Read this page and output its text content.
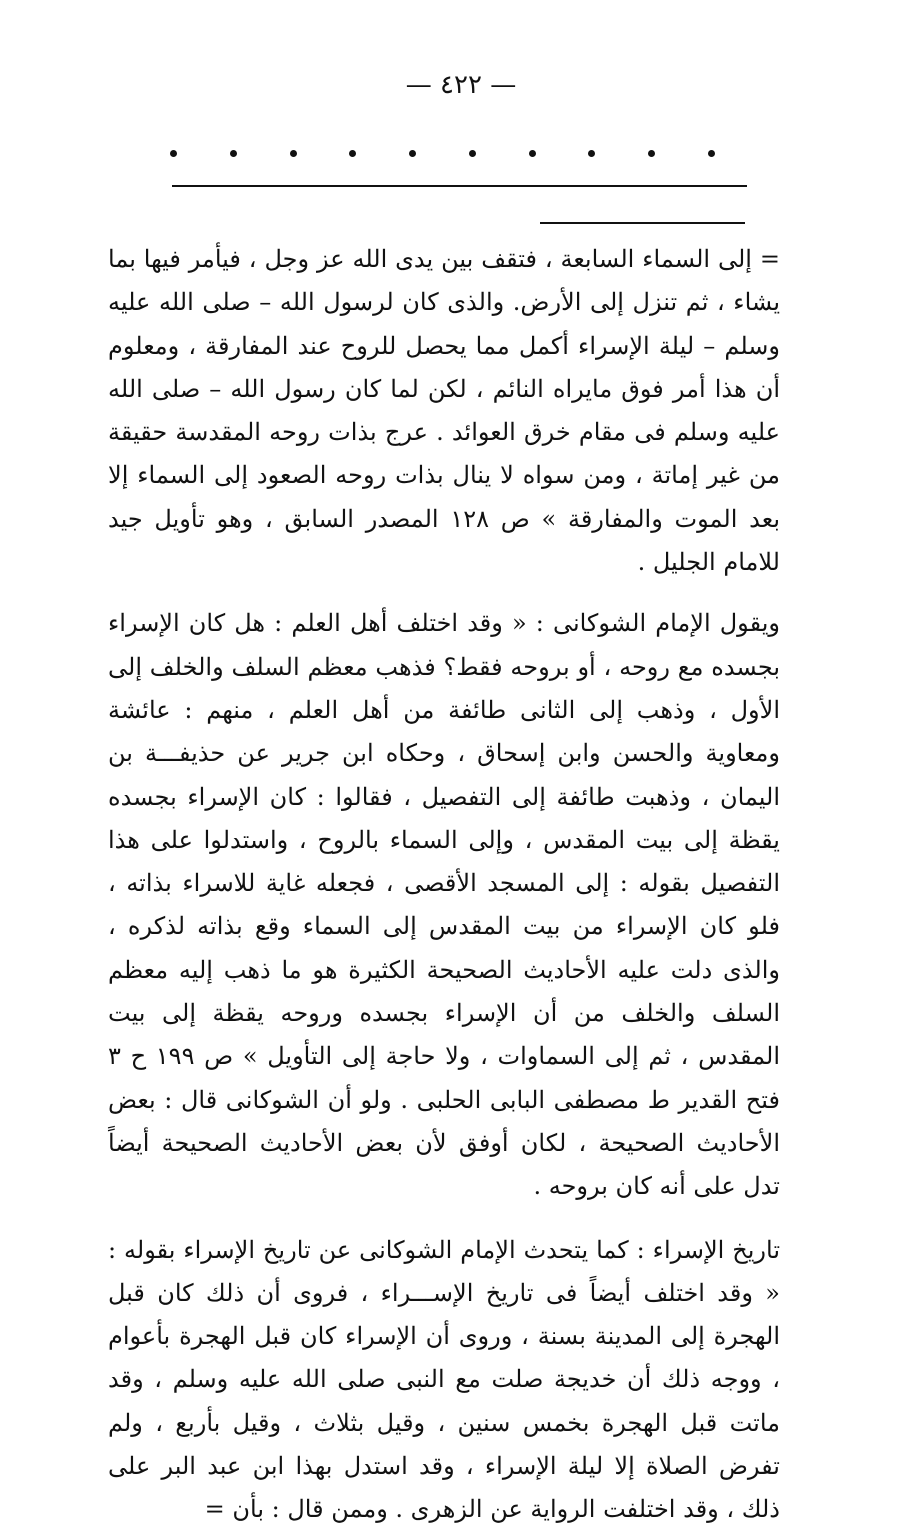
— ٤٢٢ —

= إلى السماء السابعة ، فتقف بين يدى الله عز وجل ، فيأمر فيها بما يشاء ، ثم تنزل إلى الأرض. والذى كان لرسول الله – صلى الله عليه وسلم – ليلة الإسراء أكمل مما يحصل للروح عند المفارقة ، ومعلوم أن هذا أمر فوق مايراه النائم ، لكن لما كان رسول الله – صلى الله عليه وسلم فى مقام خرق العوائد . عرج بذات روحه المقدسة حقيقة من غير إماتة ، ومن سواه لا ينال بذات روحه الصعود إلى السماء إلا بعد الموت والمفارقة » ص ١٢٨ المصدر السابق ، وهو تأويل جيد للامام الجليل .

ويقول الإمام الشوكانى : « وقد اختلف أهل العلم : هل كان الإسراء بجسده مع روحه ، أو بروحه فقط؟ فذهب معظم السلف والخلف إلى الأول ، وذهب إلى الثانى طائفة من أهل العلم ، منهم : عائشة ومعاوية والحسن وابن إسحاق ، وحكاه ابن جرير عن حذيفـــة بن اليمان ، وذهبت طائفة إلى التفصيل ، فقالوا : كان الإسراء بجسده يقظة إلى بيت المقدس ، وإلى السماء بالروح ، واستدلوا على هذا التفصيل بقوله : إلى المسجد الأقصى ، فجعله غاية للاسراء بذاته ، فلو كان الإسراء من بيت المقدس إلى السماء وقع بذاته لذكره ، والذى دلت عليه الأحاديث الصحيحة الكثيرة هو ما ذهب إليه معظم السلف والخلف من أن الإسراء بجسده وروحه يقظة إلى بيت المقدس ، ثم إلى السماوات ، ولا حاجة إلى التأويل » ص ١٩٩ ح ٣ فتح القدير ط مصطفى البابى الحلبى . ولو أن الشوكانى قال : بعض الأحاديث الصحيحة ، لكان أوفق لأن بعض الأحاديث الصحيحة أيضاً تدل على أنه كان بروحه .

تاريخ الإسراء : كما يتحدث الإمام الشوكانى عن تاريخ الإسراء بقوله : « وقد اختلف أيضاً فى تاريخ الإســـراء ، فروى أن ذلك كان قبل الهجرة إلى المدينة بسنة ، وروى أن الإسراء كان قبل الهجرة بأعوام ، ووجه ذلك أن خديجة صلت مع النبى صلى الله عليه وسلم ، وقد ماتت قبل الهجرة بخمس سنين ، وقيل بثلاث ، وقيل بأربع ، ولم تفرض الصلاة إلا ليلة الإسراء ، وقد استدل بهذا ابن عبد البر على ذلك ، وقد اختلفت الرواية عن الزهرى . وممن قال : بأن =
